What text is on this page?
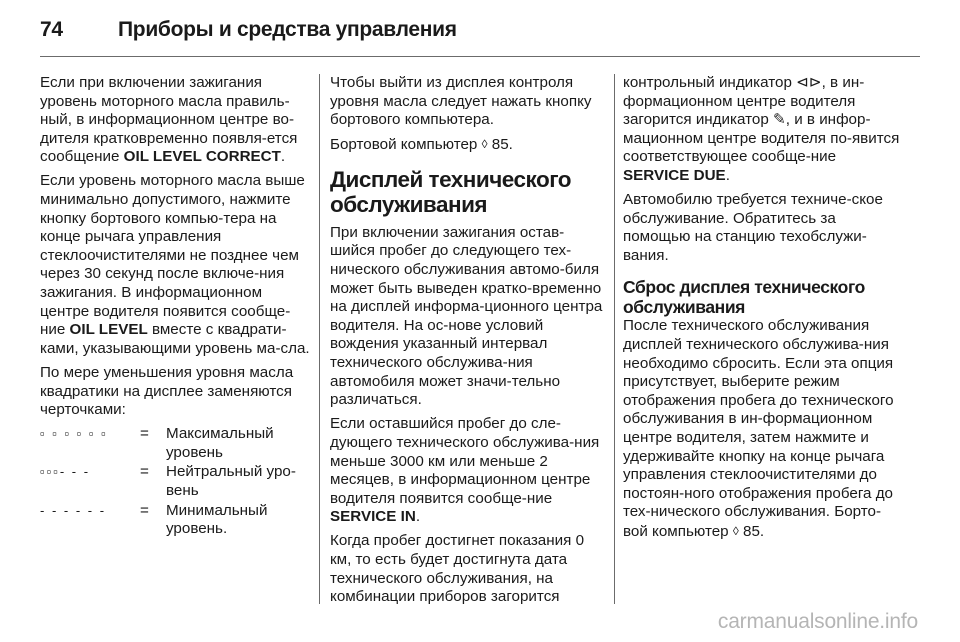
74	Приборы и средства управления

Если при включении зажигания уровень моторного масла правиль-ный, в информационном центре во-дителя кратковременно появля-ется сообщение OIL LEVEL CORRECT.

Если уровень моторного масла выше минимально допустимого, нажмите кнопку бортового компью-тера на конце рычага управления стеклоочистителями не позднее чем через 30 секунд после включе-ния зажигания. В информационном центре водителя появится сообще-ние OIL LEVEL вместе с квадрати-ками, указывающими уровень ма-сла.

По мере уменьшения уровня масла квадратики на дисплее заменяются черточками:

▫ ▫ ▫ ▫ ▫ ▫	=	Максимальный уровень
▫▫▫- - -	=	Нейтральный уро-вень
- - - - - -	=	Минимальный уровень.

Чтобы выйти из дисплея контроля уровня масла следует нажать кнопку бортового компьютера.

Бортовой компьютер ◊ 85.

Дисплей технического обслуживания

При включении зажигания остав-шийся пробег до следующего тех-нического обслуживания автомо-биля может быть выведен кратко-временно на дисплей информа-ционного центра водителя. На ос-нове условий вождения указанный интервал технического обслужива-ния автомобиля может значи-тельно различаться.

Если оставшийся пробег до сле-дующего технического обслужива-ния меньше 3000 км или меньше 2 месяцев, в информационном центре водителя появится сообще-ние SERVICE IN.

Когда пробег достигнет показания 0 км, то есть будет достигнута дата технического обслуживания, на комбинации приборов загорится

контрольный индикатор ⊲⊳, в ин-формационном центре водителя загорится индикатор ✎, и в инфор-мационном центре водителя по-явится соответствующее сообще-ние SERVICE DUE.

Автомобилю требуется техниче-ское обслуживание. Обратитесь за помощью на станцию техобслужи-вания.

Сброс дисплея технического обслуживания

После технического обслуживания дисплей технического обслужива-ния необходимо сбросить. Если эта опция присутствует, выберите режим отображения пробега до технического обслуживания в ин-формационном центре водителя, затем нажмите и удерживайте кнопку на конце рычага управления стеклоочистителями до постоян-ного отображения пробега до тех-нического обслуживания. Борто-вой компьютер ◊ 85.

carmanualsonline.info
